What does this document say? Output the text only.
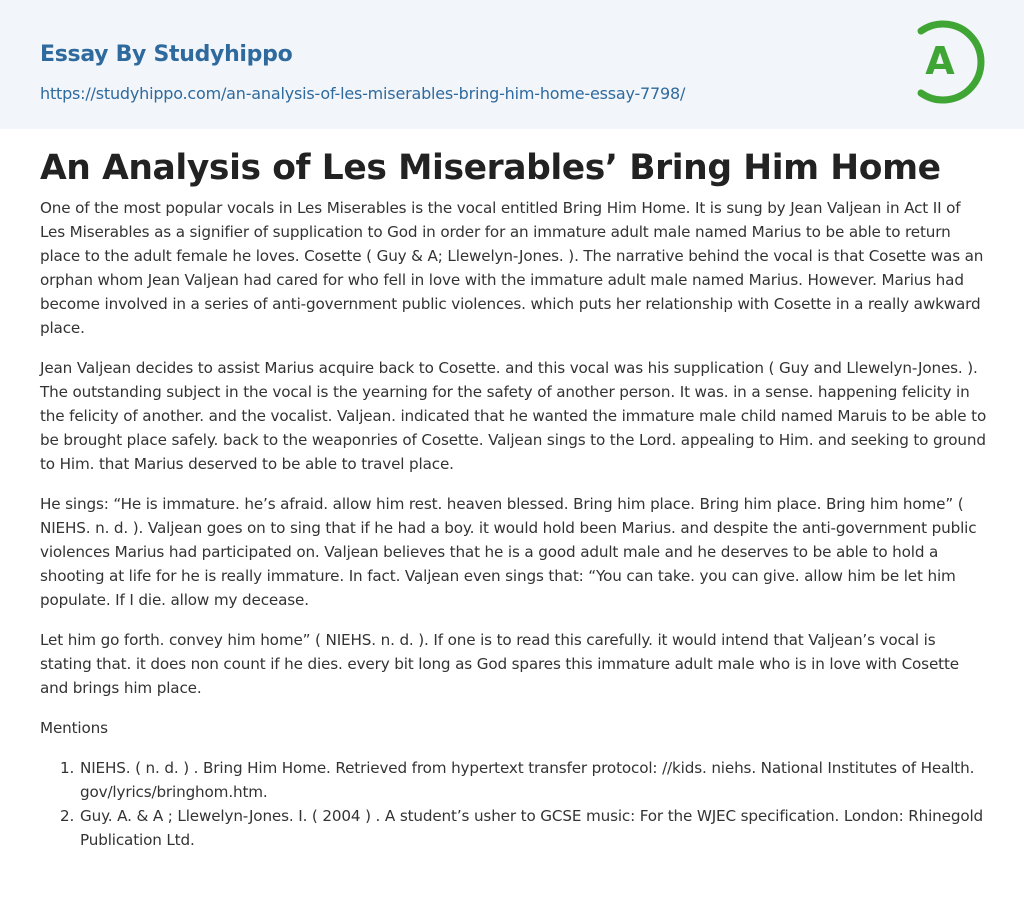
Essay By Studyhippo
https://studyhippo.com/an-analysis-of-les-miserables-bring-him-home-essay-7798/
A
An Analysis of Les Miserables’ Bring Him Home

One of the most popular vocals in Les Miserables is the vocal entitled Bring Him Home. It is sung by Jean Valjean in Act II of Les Miserables as a signifier of supplication to God in order for an immature adult male named Marius to be able to return place to the adult female he loves. Cosette ( Guy & A; Llewelyn-Jones. ). The narrative behind the vocal is that Cosette was an orphan whom Jean Valjean had cared for who fell in love with the immature adult male named Marius. However. Marius had become involved in a series of anti-government public violences. which puts her relationship with Cosette in a really awkward place.

Jean Valjean decides to assist Marius acquire back to Cosette. and this vocal was his supplication ( Guy and Llewelyn-Jones. ). The outstanding subject in the vocal is the yearning for the safety of another person. It was. in a sense. happening felicity in the felicity of another. and the vocalist. Valjean. indicated that he wanted the immature male child named Maruis to be able to be brought place safely. back to the weaponries of Cosette. Valjean sings to the Lord. appealing to Him. and seeking to ground to Him. that Marius deserved to be able to travel place.

He sings: “He is immature. he’s afraid. allow him rest. heaven blessed. Bring him place. Bring him place. Bring him home” ( NIEHS. n. d. ). Valjean goes on to sing that if he had a boy. it would hold been Marius. and despite the anti-government public violences Marius had participated on. Valjean believes that he is a good adult male and he deserves to be able to hold a shooting at life for he is really immature. In fact. Valjean even sings that: “You can take. you can give. allow him be let him populate. If I die. allow my decease.

Let him go forth. convey him home” ( NIEHS. n. d. ). If one is to read this carefully. it would intend that Valjean’s vocal is stating that. it does non count if he dies. every bit long as God spares this immature adult male who is in love with Cosette and brings him place.

Mentions

1. NIEHS. ( n. d. ) . Bring Him Home. Retrieved from hypertext transfer protocol: //kids. niehs. National Institutes of Health. gov/lyrics/bringhom.htm.
2. Guy. A. & A ; Llewelyn-Jones. I. ( 2004 ) . A student’s usher to GCSE music: For the WJEC specification. London: Rhinegold Publication Ltd.
